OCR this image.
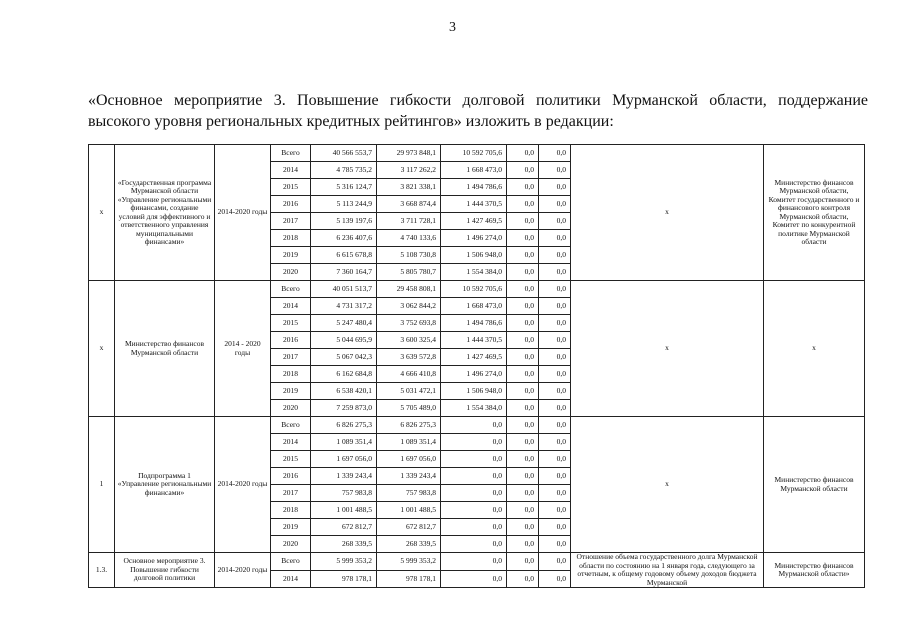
3
«Основное мероприятие 3. Повышение гибкости долговой политики Мурманской области, поддержание высокого уровня региональных кредитных рейтингов» изложить в редакции:
х	«Государственная программа Мурманской области «Управление региональными финансами, создание условий для эффективного и ответственного управления муниципальными финансами»	2014-2020 годы	Всего	40 566 553,7	29 973 848,1	10 592 705,6	0,0	0,0	х	Министерство финансов Мурманской области, Комитет государственного и финансового контроля Мурманской области, Комитет по конкурентной политике Мурманской области
			2014	4 785 735,2	3 117 262,2	1 668 473,0	0,0	0,0		
			2015	5 316 124,7	3 821 338,1	1 494 786,6	0,0	0,0		
			2016	5 113 244,9	3 668 874,4	1 444 370,5	0,0	0,0		
			2017	5 139 197,6	3 711 728,1	1 427 469,5	0,0	0,0		
			2018	6 236 407,6	4 740 133,6	1 496 274,0	0,0	0,0		
			2019	6 615 678,8	5 108 730,8	1 506 948,0	0,0	0,0		
			2020	7 360 164,7	5 805 780,7	1 554 384,0	0,0	0,0		
х	Министерство финансов Мурманской области	2014 - 2020 годы	Всего	40 051 513,7	29 458 808,1	10 592 705,6	0,0	0,0	х	х
			2014	4 731 317,2	3 062 844,2	1 668 473,0	0,0	0,0		
			2015	5 247 480,4	3 752 693,8	1 494 786,6	0,0	0,0		
			2016	5 044 695,9	3 600 325,4	1 444 370,5	0,0	0,0		
			2017	5 067 042,3	3 639 572,8	1 427 469,5	0,0	0,0		
			2018	6 162 684,8	4 666 410,8	1 496 274,0	0,0	0,0		
			2019	6 538 420,1	5 031 472,1	1 506 948,0	0,0	0,0		
			2020	7 259 873,0	5 705 489,0	1 554 384,0	0,0	0,0		
1	Подпрограмма 1 «Управление региональными финансами»	2014-2020 годы	Всего	6 826 275,3	6 826 275,3	0,0	0,0	0,0	х	Министерство финансов Мурманской области
			2014	1 089 351,4	1 089 351,4	0,0	0,0	0,0		
			2015	1 697 056,0	1 697 056,0	0,0	0,0	0,0		
			2016	1 339 243,4	1 339 243,4	0,0	0,0	0,0		
			2017	757 983,8	757 983,8	0,0	0,0	0,0		
			2018	1 001 488,5	1 001 488,5	0,0	0,0	0,0		
			2019	672 812,7	672 812,7	0,0	0,0	0,0		
			2020	268 339,5	268 339,5	0,0	0,0	0,0		
1.3.	Основное мероприятие 3. Повышение гибкости долговой политики	2014-2020 годы	Всего	5 999 353,2	5 999 353,2	0,0	0,0	0,0	Отношение объема государственного долга Мурманской области по состоянию на 1 января года, следующего за отчетным, к общему годовому объему доходов бюджета Мурманской	Министерство финансов Мурманской области»
			2014	978 178,1	978 178,1	0,0	0,0	0,0		
